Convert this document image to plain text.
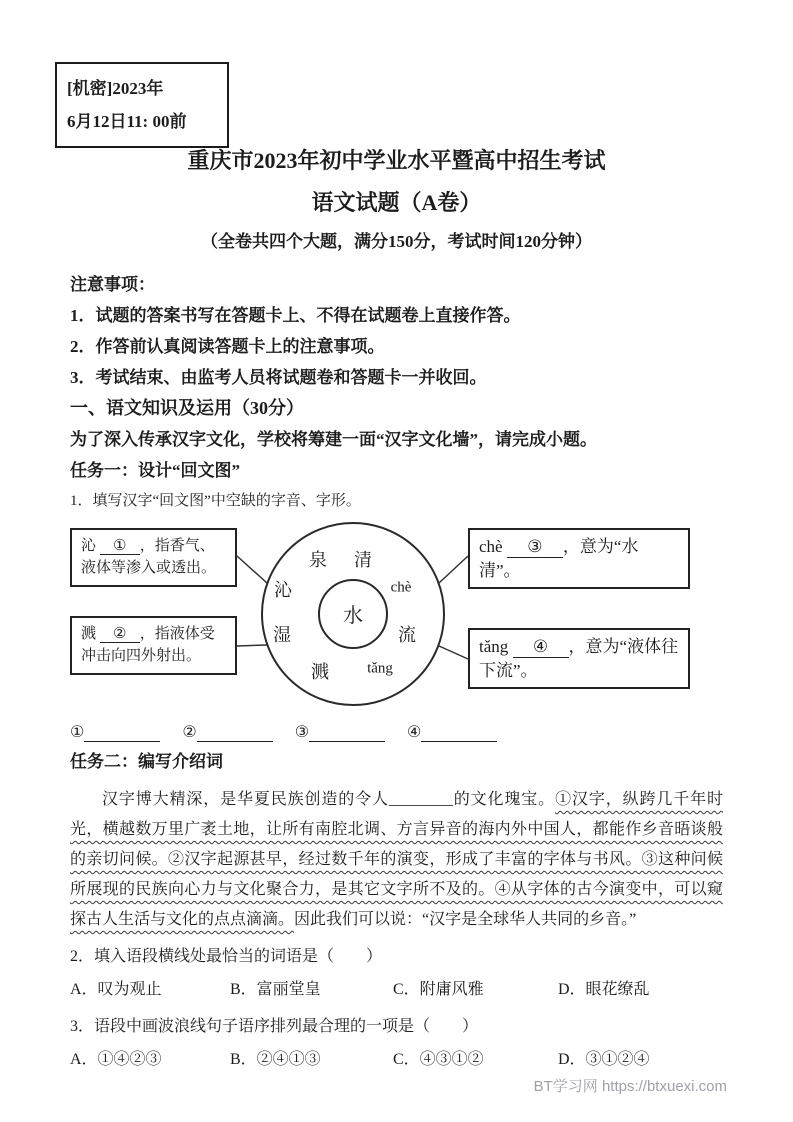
[机密]2023年
6月12日11: 00前
重庆市2023年初中学业水平暨高中招生考试
语文试题（A卷）
（全卷共四个大题，满分150分，考试时间120分钟）
注意事项：
1．试题的答案书写在答题卡上、不得在试题卷上直接作答。
2．作答前认真阅读答题卡上的注意事项。
3．考试结束、由监考人员将试题卷和答题卡一并收回。
一、语文知识及运用（30分）
为了深入传承汉字文化，学校将筹建一面“汉字文化墙”，请完成小题。
任务一：设计“回文图”
1．填写汉字“回文图”中空缺的字音、字形。
沁 ① ，指香气、液体等渗入或透出。
溅 ② ，指液体受冲击向四外射出。
chè ③ ，意为“水清”。
tǎng ④ ，意为“液体往下流”。
水
泉 清
沁	chè
湿	流
溅	tǎng
①	②	③	④
任务二：编写介绍词
汉字博大精深，是华夏民族创造的令人________的文化瑰宝。①汉字，纵跨几千年时光，横越数万里广袤土地，让所有南腔北调、方言异音的海内外中国人，都能作乡音晤谈般的亲切问候。②汉字起源甚早，经过数千年的演变，形成了丰富的字体与书风。③这种问候所展现的民族向心力与文化聚合力，是其它文字所不及的。④从字体的古今演变中，可以窥探古人生活与文化的点点滴滴。因此我们可以说：“汉字是全球华人共同的乡音。”
2．填入语段横线处最恰当的词语是（　　）
A．叹为观止	B．富丽堂皇	C．附庸风雅	D．眼花缭乱
3．语段中画波浪线句子语序排列最合理的一项是（　　）
A．①④②③	B．②④①③	C．④③①②	D．③①②④
BT学习网 https://btxuexi.com
